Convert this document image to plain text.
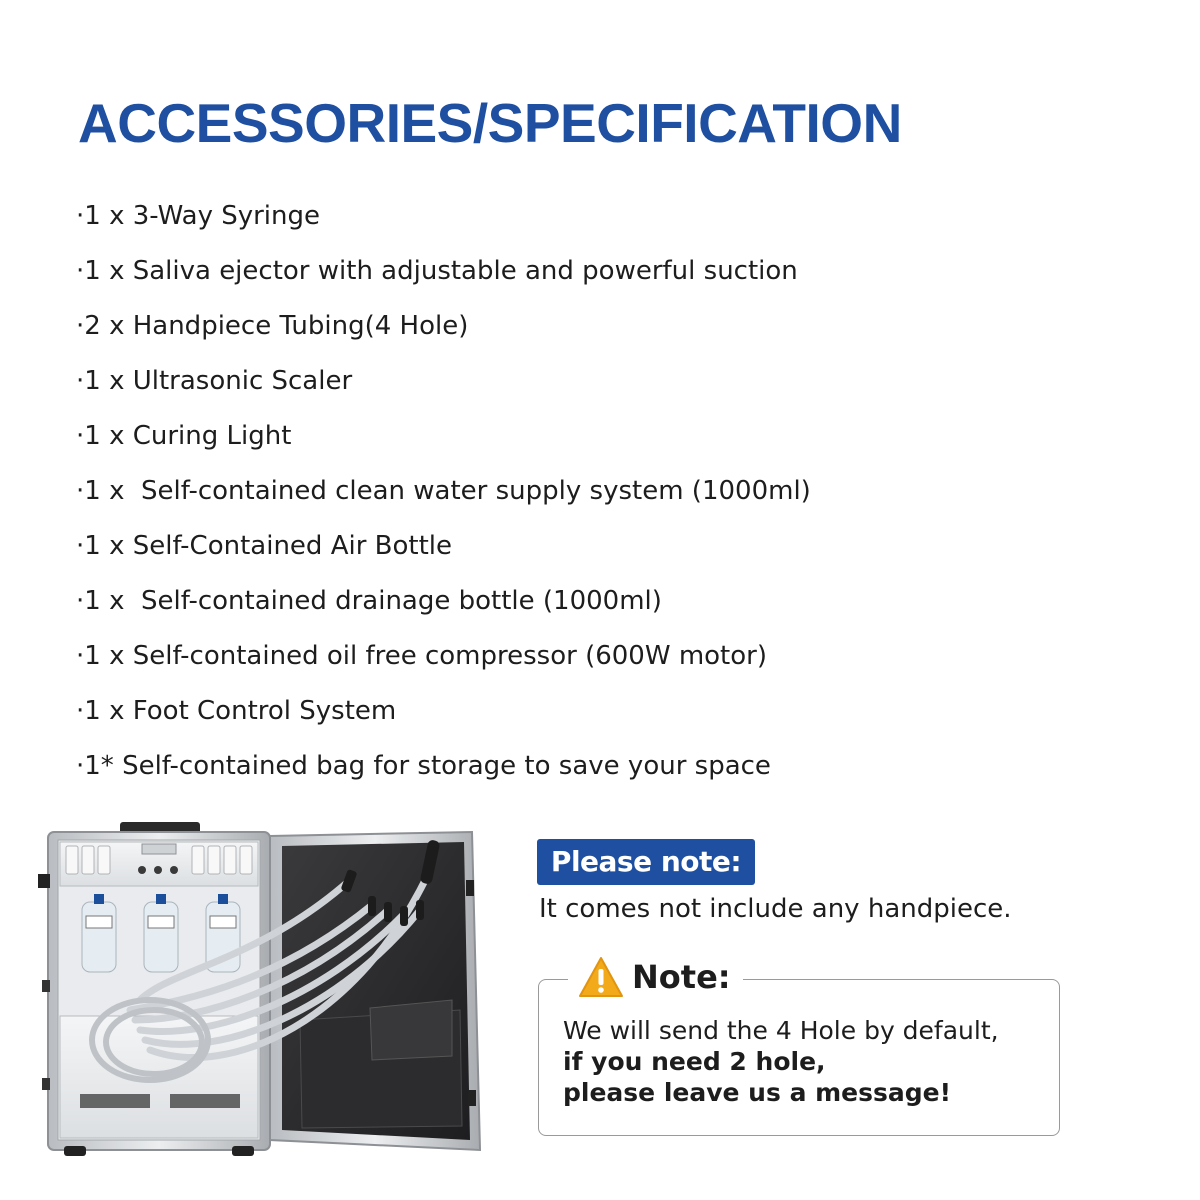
ACCESSORIES/SPECIFICATION
·1 x 3-Way Syringe
·1 x Saliva ejector with adjustable and powerful suction
·2 x Handpiece Tubing(4 Hole)
·1 x Ultrasonic Scaler
·1 x Curing Light
·1 x  Self-contained clean water supply system (1000ml)
·1 x Self-Contained Air Bottle
·1 x  Self-contained drainage bottle (1000ml)
·1 x Self-contained oil free compressor (600W motor)
·1 x Foot Control System
·1* Self-contained bag for storage to save your space
Please note:
It comes not include any handpiece.
Note:
We will send the 4 Hole by default,
if you need 2 hole,
please leave us a message!
